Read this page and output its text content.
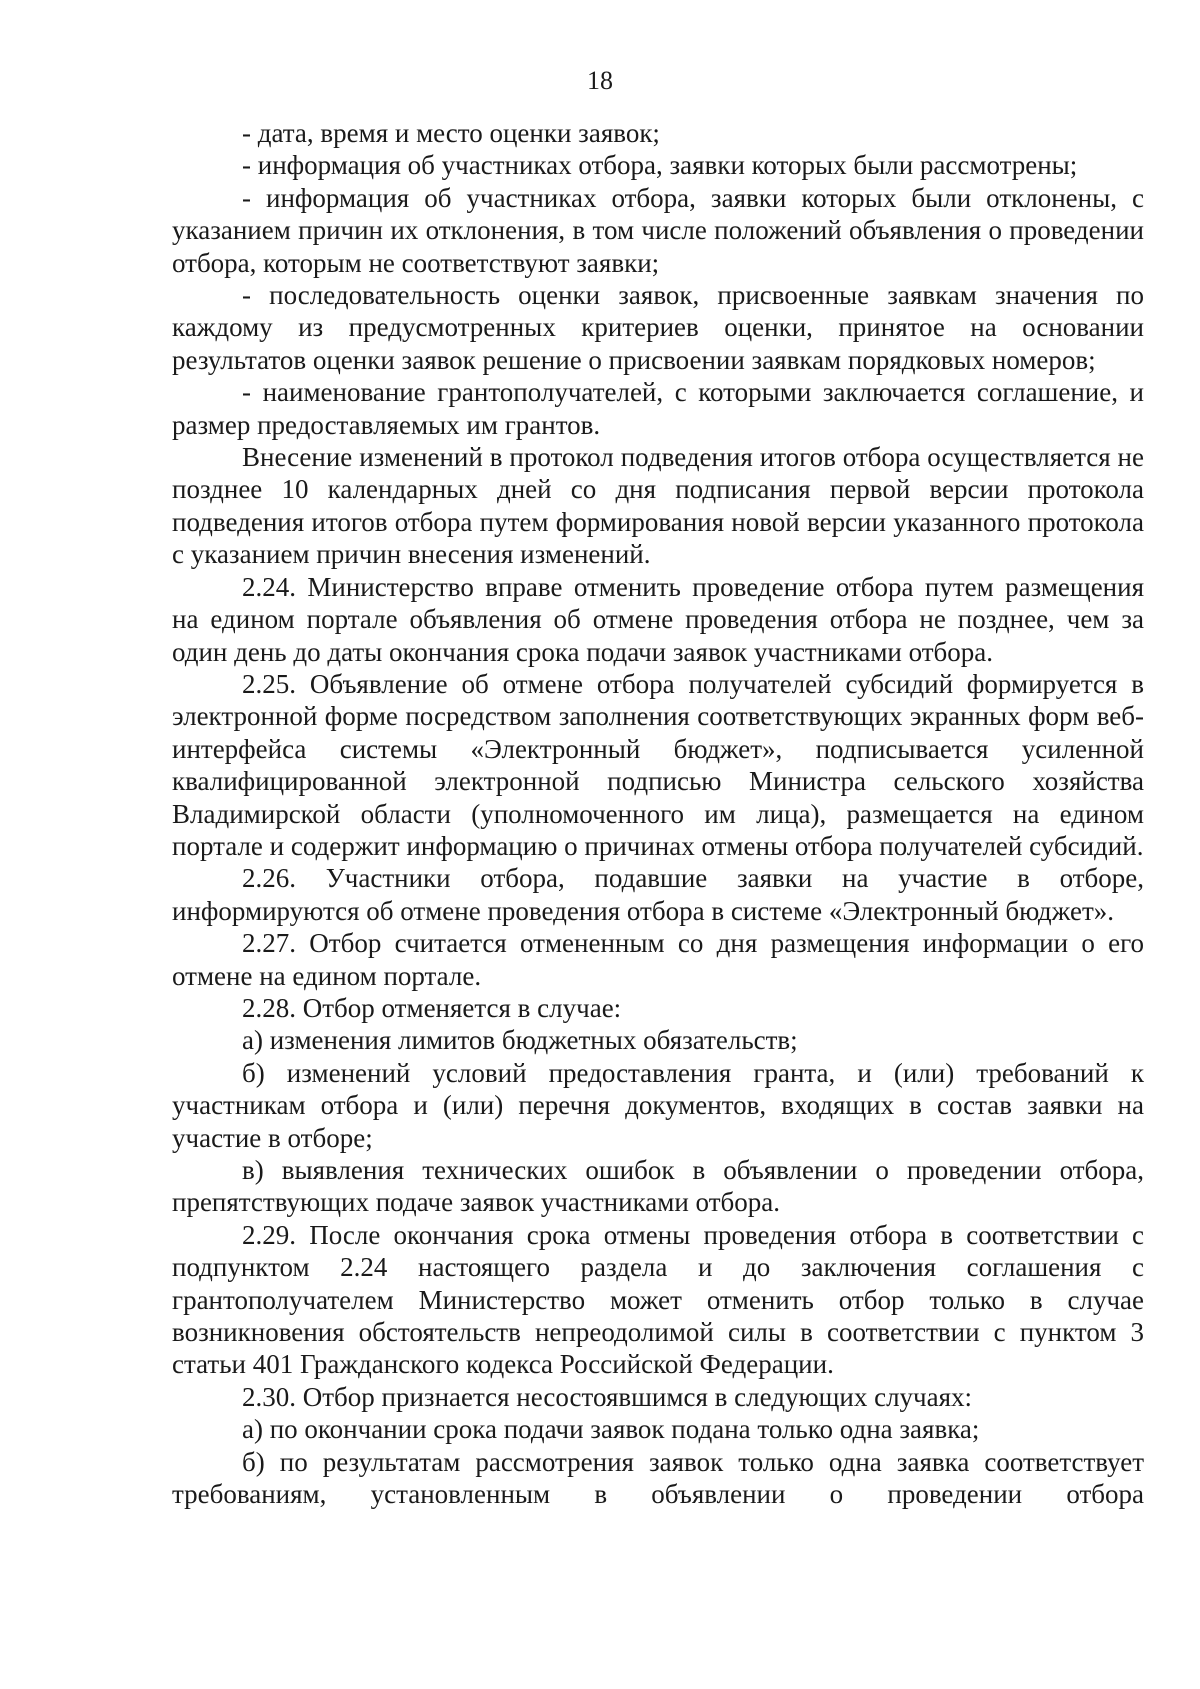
18

- дата, время и место оценки заявок;

- информация об участниках отбора, заявки которых были рассмотрены;

- информация об участниках отбора, заявки которых были отклонены, с указанием причин их отклонения, в том числе положений объявления о проведении отбора, которым не соответствуют заявки;

- последовательность оценки заявок, присвоенные заявкам значения по каждому из предусмотренных критериев оценки, принятое на основании результатов оценки заявок решение о присвоении заявкам порядковых номеров;

- наименование грантополучателей, с которыми заключается соглашение, и размер предоставляемых им грантов.

Внесение изменений в протокол подведения итогов отбора осуществляется не позднее 10 календарных дней со дня подписания первой версии протокола подведения итогов отбора путем формирования новой версии указанного протокола с указанием причин внесения изменений.

2.24. Министерство вправе отменить проведение отбора путем размещения на едином портале объявления об отмене проведения отбора не позднее, чем за один день до даты окончания срока подачи заявок участниками отбора.

2.25. Объявление об отмене отбора получателей субсидий формируется в электронной форме посредством заполнения соответствующих экранных форм веб-интерфейса системы «Электронный бюджет», подписывается усиленной квалифицированной электронной подписью Министра сельского хозяйства Владимирской области (уполномоченного им лица), размещается на едином портале и содержит информацию о причинах отмены отбора получателей субсидий.

2.26. Участники отбора, подавшие заявки на участие в отборе, информируются об отмене проведения отбора в системе «Электронный бюджет».

2.27. Отбор считается отмененным со дня размещения информации о его отмене на едином портале.

2.28. Отбор отменяется в случае:

а) изменения лимитов бюджетных обязательств;

б) изменений условий предоставления гранта, и (или) требований к участникам отбора и (или) перечня документов, входящих в состав заявки на участие в отборе;

в) выявления технических ошибок в объявлении о проведении отбора, препятствующих подаче заявок участниками отбора.

2.29. После окончания срока отмены проведения отбора в соответствии с подпунктом 2.24 настоящего раздела и до заключения соглашения с грантополучателем Министерство может отменить отбор только в случае возникновения обстоятельств непреодолимой силы в соответствии с пунктом 3 статьи 401 Гражданского кодекса Российской Федерации.

2.30. Отбор признается несостоявшимся в следующих случаях:

а) по окончании срока подачи заявок подана только одна заявка;

б) по результатам рассмотрения заявок только одна заявка соответствует требованиям, установленным в объявлении о проведении отбора
